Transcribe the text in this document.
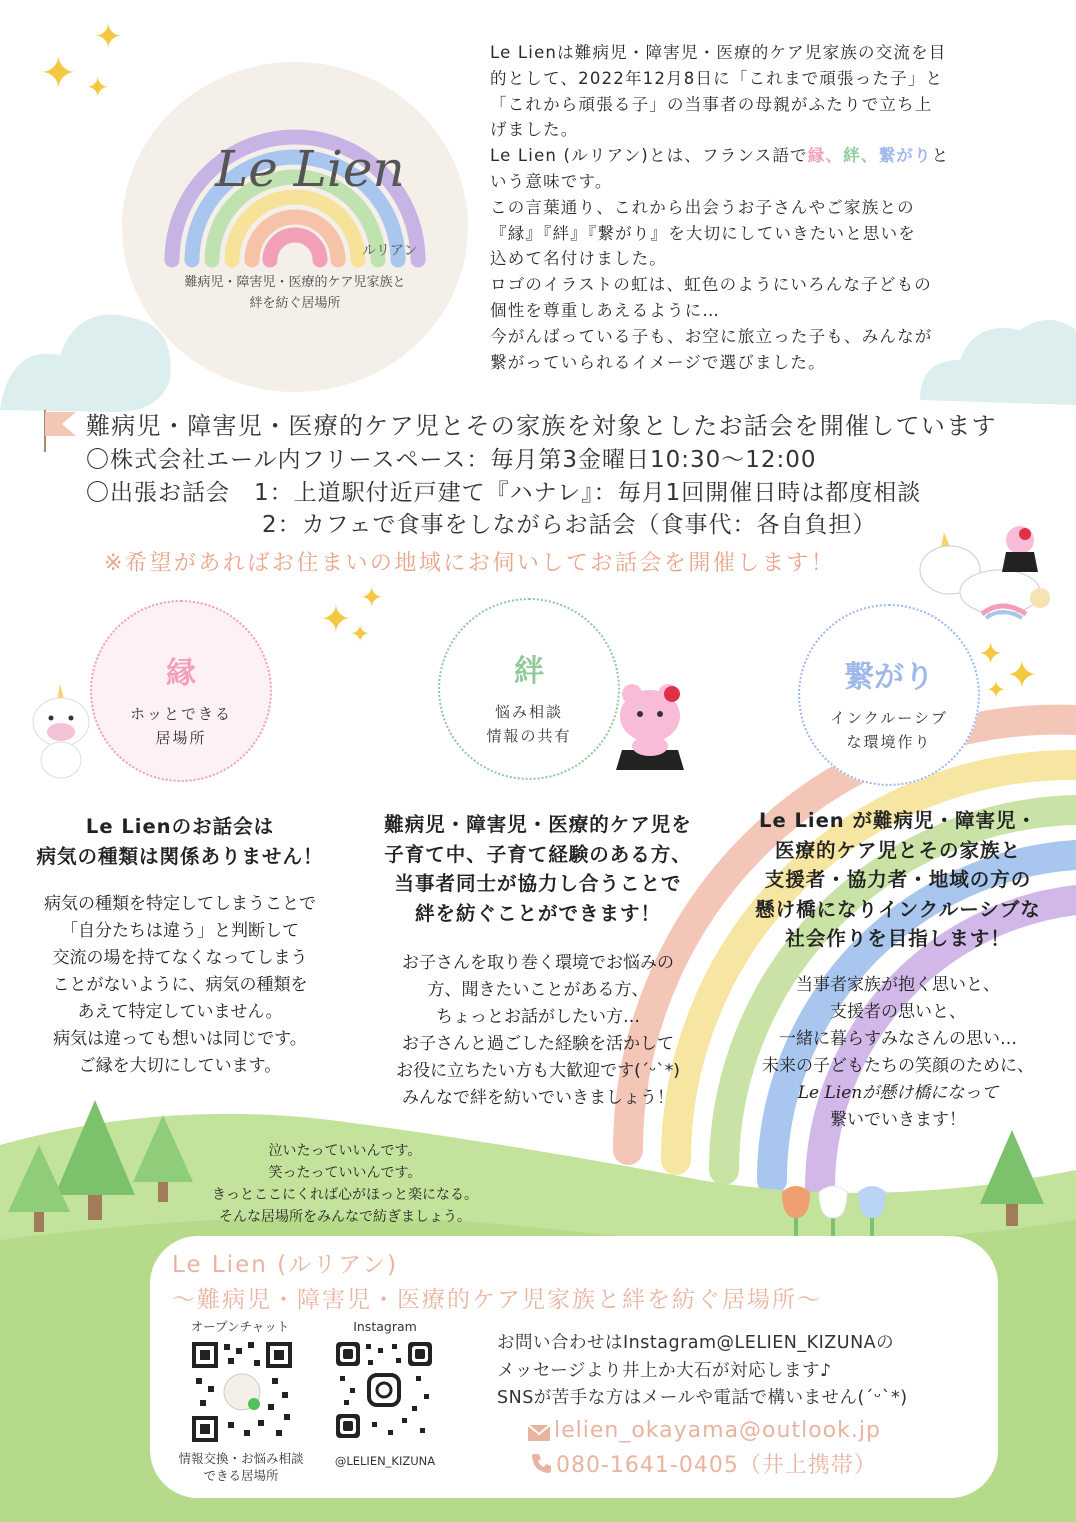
✦
✦
✦
✦ ✦
✦
✦ ✦
✦
Le Lien
ルリアン
難病児・障害児・医療的ケア児家族と
絆を紡ぐ居場所
Le Lienは難病児・障害児・医療的ケア児家族の交流を目
的として、2022年12月8日に「これまで頑張った子」と
「これから頑張る子」の当事者の母親がふたりで立ち上
げました。
Le Lien (ルリアン)とは、フランス語で縁、絆、繋がりと
いう意味です。
この言葉通り、これから出会うお子さんやご家族との
『縁』『絆』『繋がり』を大切にしていきたいと思いを
込めて名付けました。
ロゴのイラストの虹は、虹色のようにいろんな子どもの
個性を尊重しあえるように…
今がんばっている子も、お空に旅立った子も、みんなが
繋がっていられるイメージで選びました。
難病児・障害児・医療的ケア児とその家族を対象としたお話会を開催しています
〇株式会社エール内フリースペース：毎月第3金曜日10:30～12:00
〇出張お話会　1：上道駅付近戸建て『ハナレ』：毎月1回開催日時は都度相談
2：カフェで食事をしながらお話会（食事代：各自負担）
※希望があればお住まいの地域にお伺いしてお話会を開催します！
縁
ホッとできる
居場所
絆
悩み相談
情報の共有
繋がり
インクルーシブ
な環境作り
Le Lienのお話会は
病気の種類は関係ありません！
病気の種類を特定してしまうことで
「自分たちは違う」と判断して
交流の場を持てなくなってしまう
ことがないように、病気の種類を
あえて特定していません。
病気は違っても想いは同じです。
ご縁を大切にしています。
難病児・障害児・医療的ケア児を
子育て中、子育て経験のある方、
当事者同士が協力し合うことで
絆を紡ぐことができます！
お子さんを取り巻く環境でお悩みの
方、聞きたいことがある方、
ちょっとお話がしたい方…
お子さんと過ごした経験を活かして
お役に立ちたい方も大歓迎です(´ᵕ`*)
みんなで絆を紡いでいきましょう！
Le Lien が難病児・障害児・
医療的ケア児とその家族と
支援者・協力者・地域の方の
懸け橋になりインクルーシブな
社会作りを目指します！
当事者家族が抱く思いと、
支援者の思いと、
一緒に暮らすみなさんの思い…
未来の子どもたちの笑顔のために、
Le Lienが懸け橋になって
繋いでいきます！
泣いたっていいんです。
笑ったっていいんです。
きっとここにくれば心がほっと楽になる。
そんな居場所をみんなで紡ぎましょう。
Le Lien (ルリアン)
～難病児・障害児・医療的ケア児家族と絆を紡ぐ居場所～
オープンチャット
情報交換・お悩み相談
できる居場所
Instagram
@LELIEN_KIZUNA
お問い合わせはInstagram@LELIEN_KIZUNAの
メッセージより井上か大石が対応します♪
SNSが苦手な方はメールや電話で構いません(´ᵕ`*)
lelien_okayama@outlook.jp
080-1641-0405（井上携帯）
